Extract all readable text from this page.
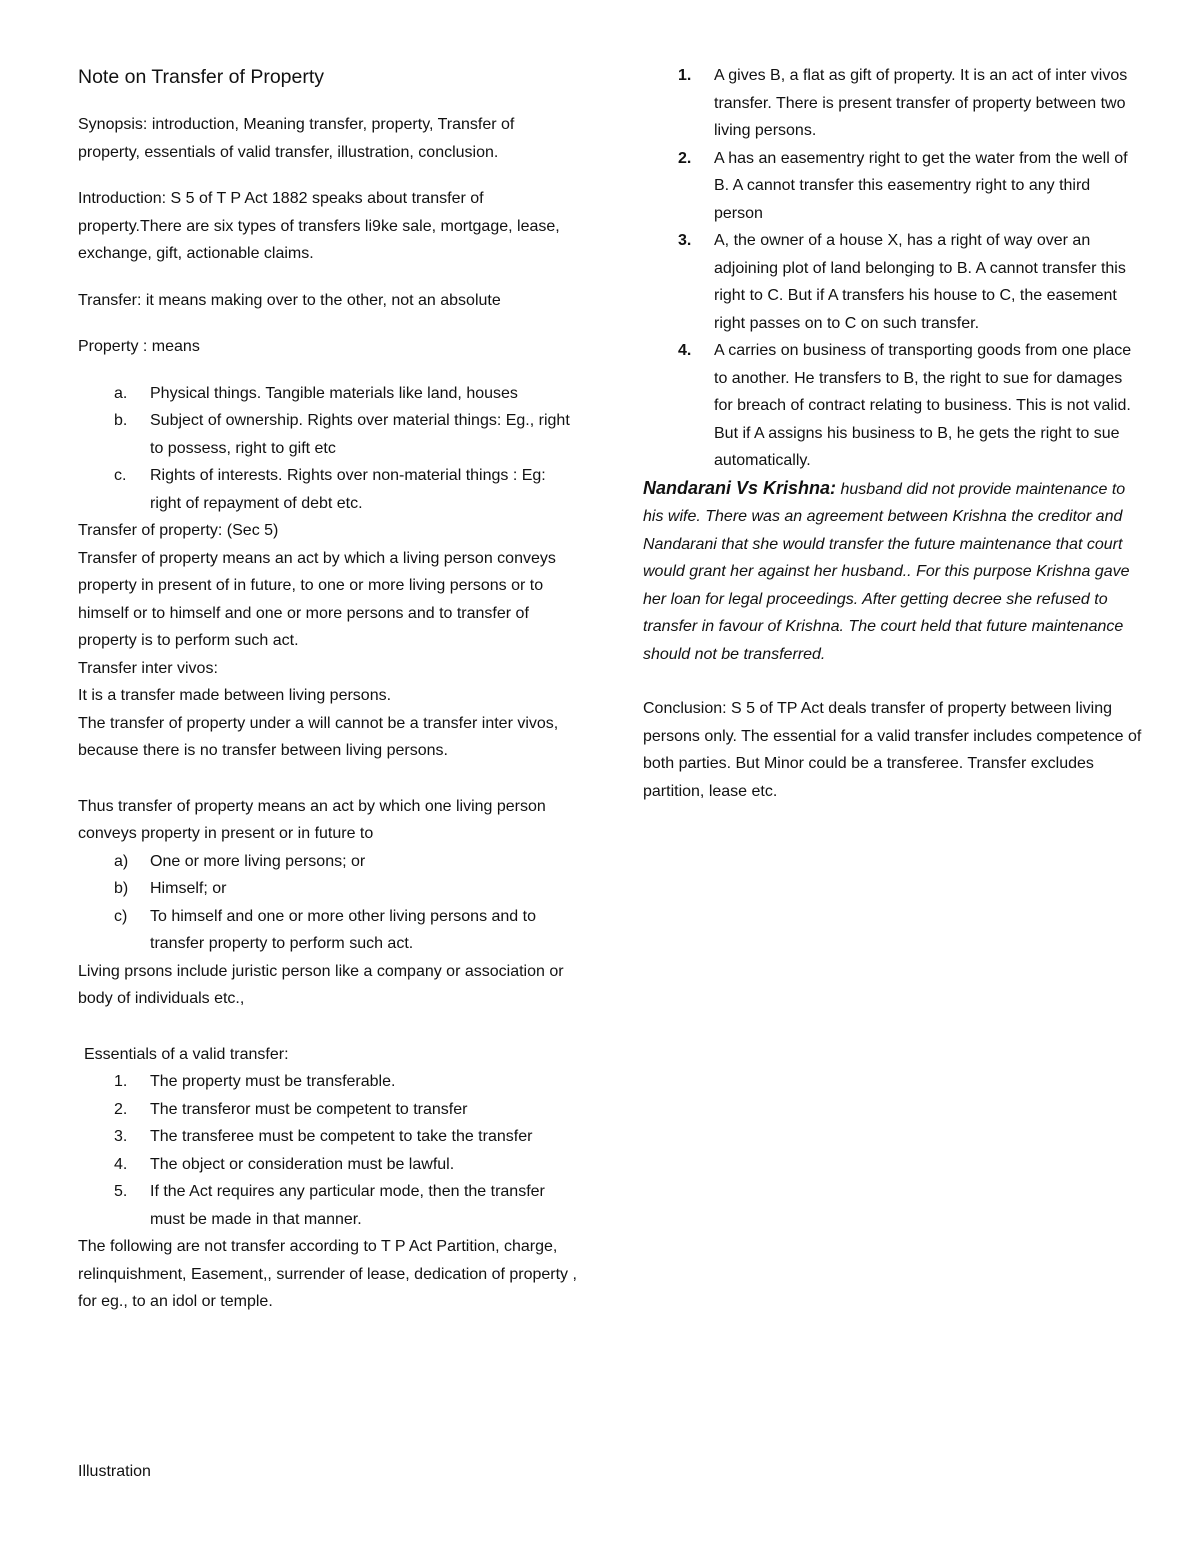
Note on Transfer of Property

Synopsis: introduction, Meaning transfer, property, Transfer of property, essentials of valid transfer, illustration, conclusion.

Introduction: S 5 of T P Act 1882 speaks about transfer of property.There are six types of transfers li9ke sale, mortgage, lease, exchange, gift, actionable claims.

Transfer: it means making over to the other, not an absolute

Property : means

a. Physical things. Tangible materials like land, houses
b. Subject of ownership. Rights over material things: Eg., right to possess, right to gift etc
c. Rights of interests. Rights over non-material things : Eg: right of repayment of debt etc.

Transfer of property: (Sec 5)

Transfer of property means an act by which a living person conveys property in present of in future, to one or more living persons or to himself or to himself and one or more persons and to transfer of property is to perform such act.

Transfer inter vivos:

It is a transfer made between living persons.

The transfer of property under a will cannot be a transfer inter vivos, because there is no transfer between living persons.

Thus transfer of property means an act by which one living person conveys property in present or in future to

a) One or more living persons; or
b) Himself; or
c) To himself and one or more other living persons and to transfer property to perform such act.

Living prsons include juristic person like a company or association or body of individuals etc.,

Essentials of a valid transfer:

1. The property must be transferable.
2. The transferor must be competent to transfer
3. The transferee must be competent to take the transfer
4. The object or consideration must be lawful.
5. If the Act requires any particular mode, then the transfer must be made in that manner.

The following are not transfer according to T P Act Partition, charge, relinquishment, Easement,, surrender of lease, dedication of property , for eg., to an idol or temple.

Illustration

1. A gives B, a flat as gift of property. It is an act of inter vivos transfer. There is present transfer of property between two living persons.
2. A has an easementry right to get the water from the well of B. A cannot transfer this easementry right to any third person
3. A, the owner of a house X, has a right of way over an adjoining plot of land belonging to B. A cannot transfer this right to C. But if A transfers his house to C, the easement right passes on to C on such transfer.
4. A carries on business of transporting goods from one place to another. He transfers to B, the right to sue for damages for breach of contract relating to business. This is not valid. But if A assigns his business to B, he gets the right to sue automatically.

Nandarani Vs Krishna: husband did not provide maintenance to his wife. There was an agreement between Krishna the creditor and Nandarani that she would transfer the future maintenance that court would grant her against her husband.. For this purpose Krishna gave her loan for legal proceedings. After getting decree she refused to transfer in favour of Krishna. The court held that future maintenance should not be transferred.

Conclusion: S 5 of TP Act deals transfer of property between living persons only. The essential for a valid transfer includes competence of both parties. But Minor could be a transferee. Transfer excludes partition, lease etc.
